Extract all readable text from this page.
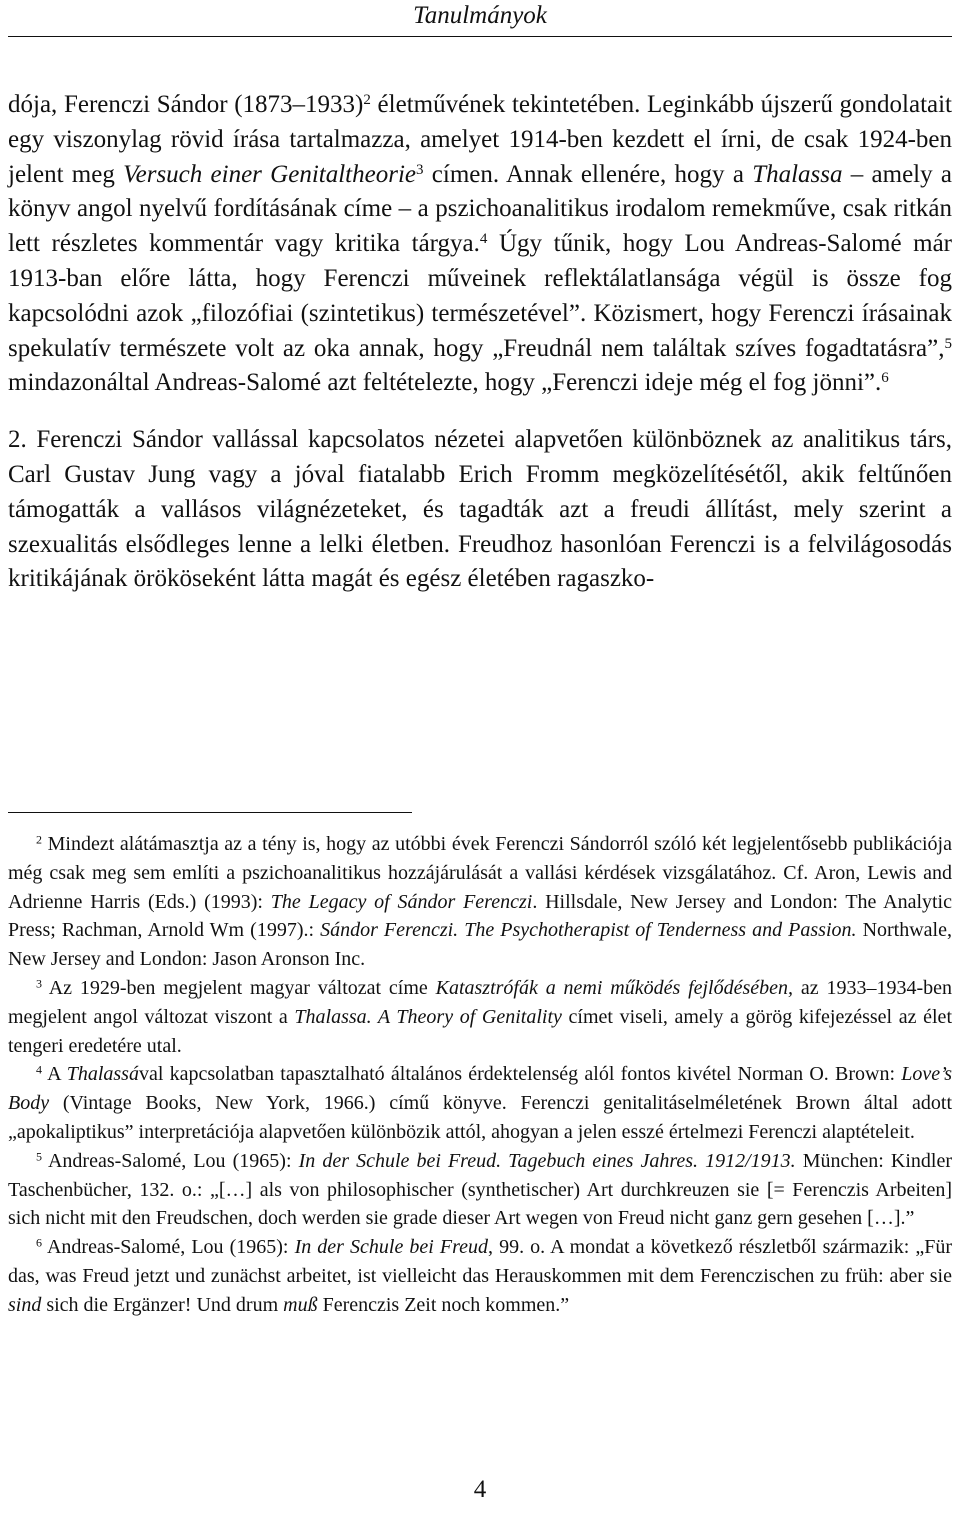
Tanulmányok

dója, Ferenczi Sándor (1873–1933)$^2$ életművének tekintetében. Leginkább újszerű gondolatait egy viszonylag rövid írása tartalmazza, amelyet 1914-ben kezdett el írni, de csak 1924-ben jelent meg Versuch einer Genitaltheorie$^3$ címen. Annak ellenére, hogy a Thalassa – amely a könyv angol nyelvű fordításának címe – a pszichoanalitikus irodalom remekműve, csak ritkán lett részletes kommentár vagy kritika tárgya.$^4$ Úgy tűnik, hogy Lou Andreas-Salomé már 1913-ban előre látta, hogy Ferenczi műveinek reflektálatlansága végül is össze fog kapcsolódni azok „filozófiai (szintetikus) természetével”. Közismert, hogy Ferenczi írásainak spekulatív természete volt az oka annak, hogy „Freudnál nem találtak szíves fogadtatásra”,$^5$ mindazonáltal Andreas-Salomé azt feltételezte, hogy „Ferenczi ideje még el fog jönni”.$^6$

2. Ferenczi Sándor vallással kapcsolatos nézetei alapvetően különböznek az analitikus társ, Carl Gustav Jung vagy a jóval fiatalabb Erich Fromm megközelítésétől, akik feltűnően támogatták a vallásos világnézeteket, és tagadták azt a freudi állítást, mely szerint a szexualitás elsődleges lenne a lelki életben. Freudhoz hasonlóan Ferenczi is a felvilágosodás kritikájának örököseként látta magát és egész életében ragaszko-

$^2$ Mindezt alátámasztja az a tény is, hogy az utóbbi évek Ferenczi Sándorról szóló két legjelentősebb publikációja még csak meg sem említi a pszichoanalitikus hozzájárulását a vallási kérdések vizsgálatához. Cf. Aron, Lewis and Adrienne Harris (Eds.) (1993): The Legacy of Sándor Ferenczi. Hillsdale, New Jersey and London: The Analytic Press; Rachman, Arnold Wm (1997).: Sándor Ferenczi. The Psychotherapist of Tenderness and Passion. Northwale, New Jersey and London: Jason Aronson Inc.

$^3$ Az 1929-ben megjelent magyar változat címe Katasztrófák a nemi működés fejlődésében, az 1933–1934-ben megjelent angol változat viszont a Thalassa. A Theory of Genitality címet viseli, amely a görög kifejezéssel az élet tengeri eredetére utal.

$^4$ A Thalassával kapcsolatban tapasztalható általános érdektelenség alól fontos kivétel Norman O. Brown: Love’s Body (Vintage Books, New York, 1966.) című könyve. Ferenczi genitalitáselméletének Brown által adott „apokaliptikus” interpretációja alapvetően különbözik attól, ahogyan a jelen esszé értelmezi Ferenczi alaptételeit.

$^5$ Andreas-Salomé, Lou (1965): In der Schule bei Freud. Tagebuch eines Jahres. 1912/1913. München: Kindler Taschenbücher, 132. o.: „[…] als von philosophischer (synthetischer) Art durchkreuzen sie [= Ferenczis Arbeiten] sich nicht mit den Freudschen, doch werden sie grade dieser Art wegen von Freud nicht ganz gern gesehen […].”

$^6$ Andreas-Salomé, Lou (1965): In der Schule bei Freud, 99. o. A mondat a következő részletből származik: „Für das, was Freud jetzt und zunächst arbeitet, ist vielleicht das Herauskommen mit dem Ferenczischen zu früh: aber sie sind sich die Ergänzer! Und drum muß Ferenczis Zeit noch kommen.”

4
